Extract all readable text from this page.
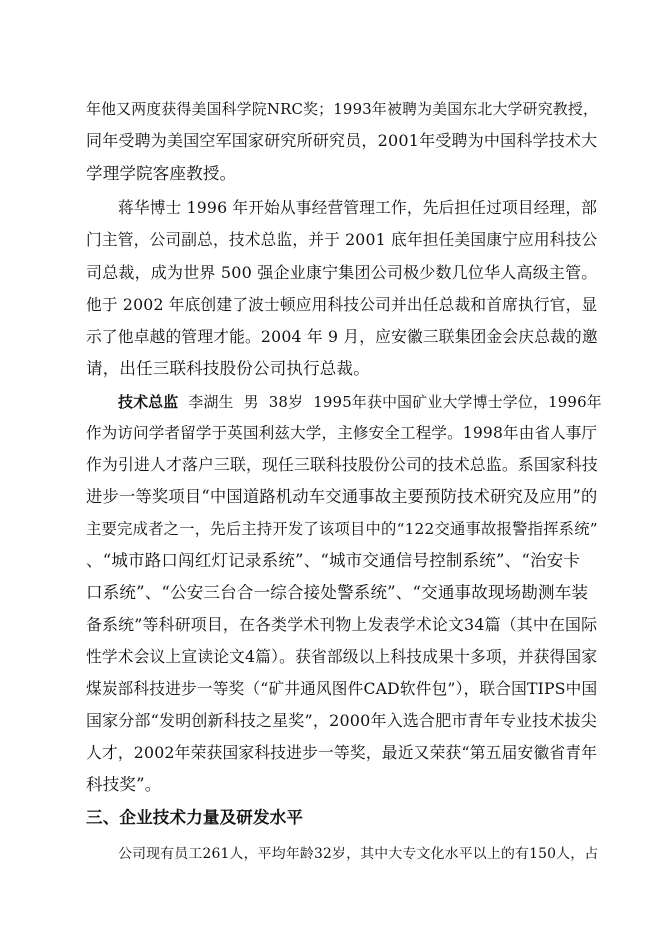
年他又两度获得美国科学院NRC奖；1993年被聘为美国东北大学研究教授，
同年受聘为美国空军国家研究所研究员，2001年受聘为中国科学技术大
学理学院客座教授。
蒋华博士 1996 年开始从事经营管理工作，先后担任过项目经理，部
门主管，公司副总，技术总监，并于 2001 底年担任美国康宁应用科技公
司总裁，成为世界 500 强企业康宁集团公司极少数几位华人高级主管。
他于 2002 年底创建了波士顿应用科技公司并出任总裁和首席执行官，显
示了他卓越的管理才能。2004 年 9 月，应安徽三联集团金会庆总裁的邀
请，出任三联科技股份公司执行总裁。
技术总监 李湖生 男 38岁 1995年获中国矿业大学博士学位，1996年
作为访问学者留学于英国利兹大学，主修安全工程学。1998年由省人事厅
作为引进人才落户三联，现任三联科技股份公司的技术总监。系国家科技
进步一等奖项目“中国道路机动车交通事故主要预防技术研究及应用”的
主要完成者之一，先后主持开发了该项目中的“122交通事故报警指挥系统”
、“城市路口闯红灯记录系统”、“城市交通信号控制系统”、“治安卡
口系统”、“公安三台合一综合接处警系统”、“交通事故现场勘测车装
备系统”等科研项目，在各类学术刊物上发表学术论文34篇（其中在国际
性学术会议上宣读论文4篇）。获省部级以上科技成果十多项，并获得国家
煤炭部科技进步一等奖（“矿井通风图件CAD软件包”），联合国TIPS中国
国家分部“发明创新科技之星奖”，2000年入选合肥市青年专业技术拔尖
人才，2002年荣获国家科技进步一等奖，最近又荣获“第五届安徽省青年
科技奖”。
三、企业技术力量及研发水平
公司现有员工261人，平均年龄32岁，其中大专文化水平以上的有150人，占
